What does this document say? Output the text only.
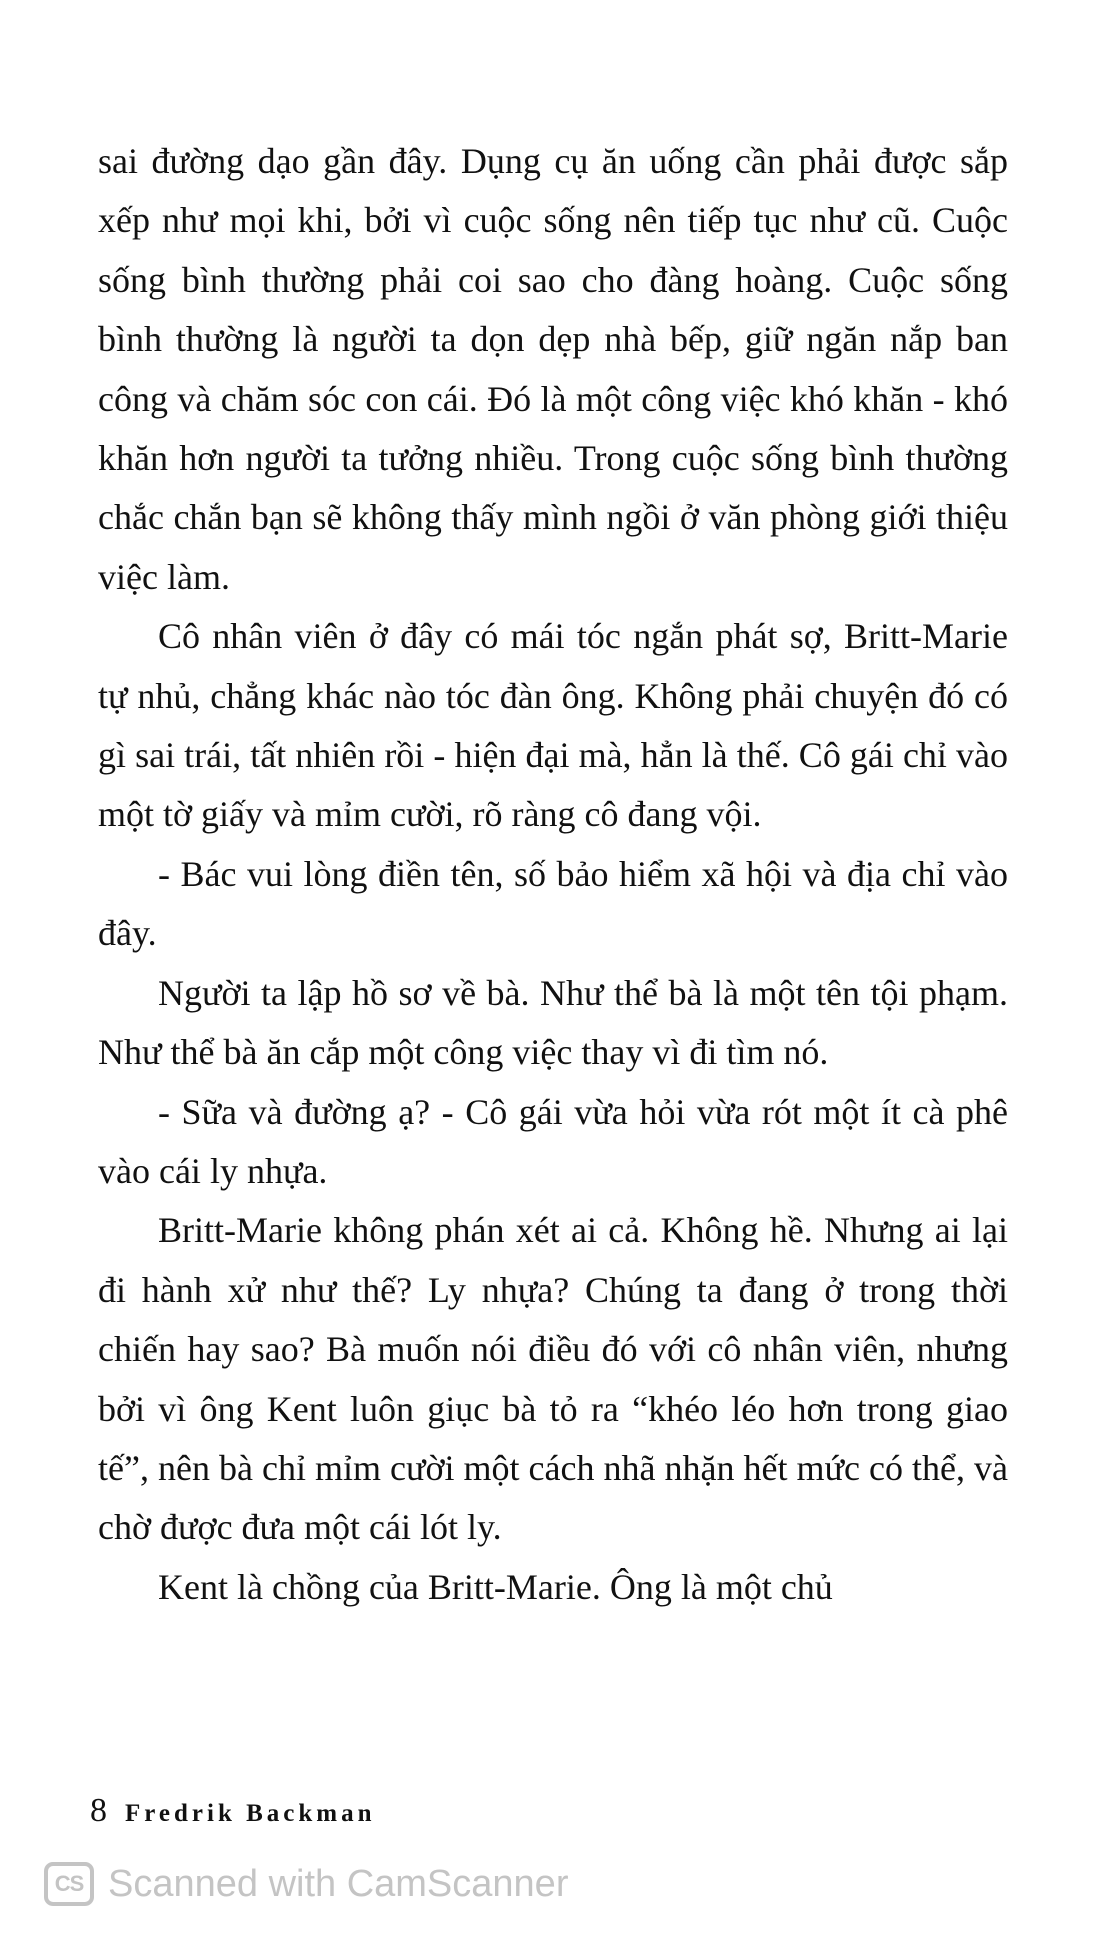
sai đường dạo gần đây. Dụng cụ ăn uống cần phải được sắp xếp như mọi khi, bởi vì cuộc sống nên tiếp tục như cũ. Cuộc sống bình thường phải coi sao cho đàng hoàng. Cuộc sống bình thường là người ta dọn dẹp nhà bếp, giữ ngăn nắp ban công và chăm sóc con cái. Đó là một công việc khó khăn - khó khăn hơn người ta tưởng nhiều. Trong cuộc sống bình thường chắc chắn bạn sẽ không thấy mình ngồi ở văn phòng giới thiệu việc làm.

Cô nhân viên ở đây có mái tóc ngắn phát sợ, Britt-Marie tự nhủ, chẳng khác nào tóc đàn ông. Không phải chuyện đó có gì sai trái, tất nhiên rồi - hiện đại mà, hẳn là thế. Cô gái chỉ vào một tờ giấy và mỉm cười, rõ ràng cô đang vội.

- Bác vui lòng điền tên, số bảo hiểm xã hội và địa chỉ vào đây.

Người ta lập hồ sơ về bà. Như thể bà là một tên tội phạm. Như thể bà ăn cắp một công việc thay vì đi tìm nó.

- Sữa và đường ạ? - Cô gái vừa hỏi vừa rót một ít cà phê vào cái ly nhựa.

Britt-Marie không phán xét ai cả. Không hề. Nhưng ai lại đi hành xử như thế? Ly nhựa? Chúng ta đang ở trong thời chiến hay sao? Bà muốn nói điều đó với cô nhân viên, nhưng bởi vì ông Kent luôn giục bà tỏ ra “khéo léo hơn trong giao tế”, nên bà chỉ mỉm cười một cách nhã nhặn hết mức có thể, và chờ được đưa một cái lót ly.

Kent là chồng của Britt-Marie. Ông là một chủ

8 Fredrik Backman
CS Scanned with CamScanner
